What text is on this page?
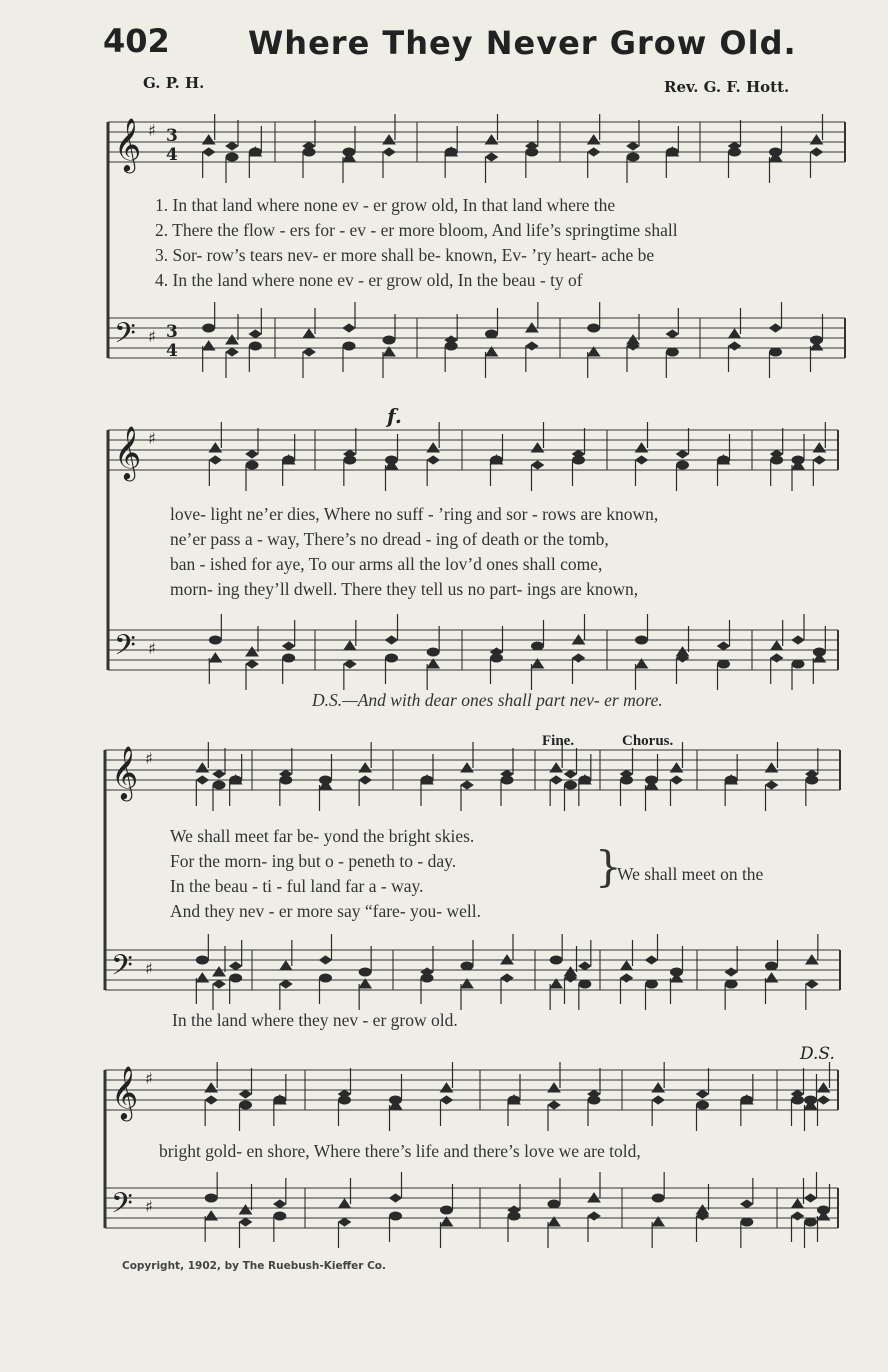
402 Where They Never Grow Old.
G. P. H.	Rev. G. F. Hott.
𝄞
𝄢
♯
♯
3
4
3
4
𝄞
𝄢
♯
♯
𝄞
𝄢
♯
♯
𝄞
𝄢
♯
♯
1. In that land where none ev - er grow old, In that land where the
2. There the flow - ers for - ev - er more bloom, And life’s springtime shall
3. Sor- row’s tears nev- er more shall be- known, Ev- ’ry heart- ache be
4. In the land where none ev - er grow old, In the beau - ty of
f.
love- light ne’er dies, Where no suff - ’ring and sor - rows are known,
ne’er pass a - way, There’s no dread - ing of death or the tomb,
ban - ished for aye, To our arms all the lov’d ones shall come,
morn- ing they’ll dwell. There they tell us no part- ings are known,
D.S.—And with dear ones shall part nev- er more.
Fine.	Chorus.
We shall meet far be- yond the bright skies.
For the morn- ing but o - peneth to - day.
In the beau - ti - ful land far a - way.
And they nev - er more say “fare- you- well.
}
We shall meet on the
In the land where they nev - er grow old.
D.S.
bright gold- en shore, Where there’s life and there’s love we are told,
Copyright, 1902, by The Ruebush-Kieffer Co.
